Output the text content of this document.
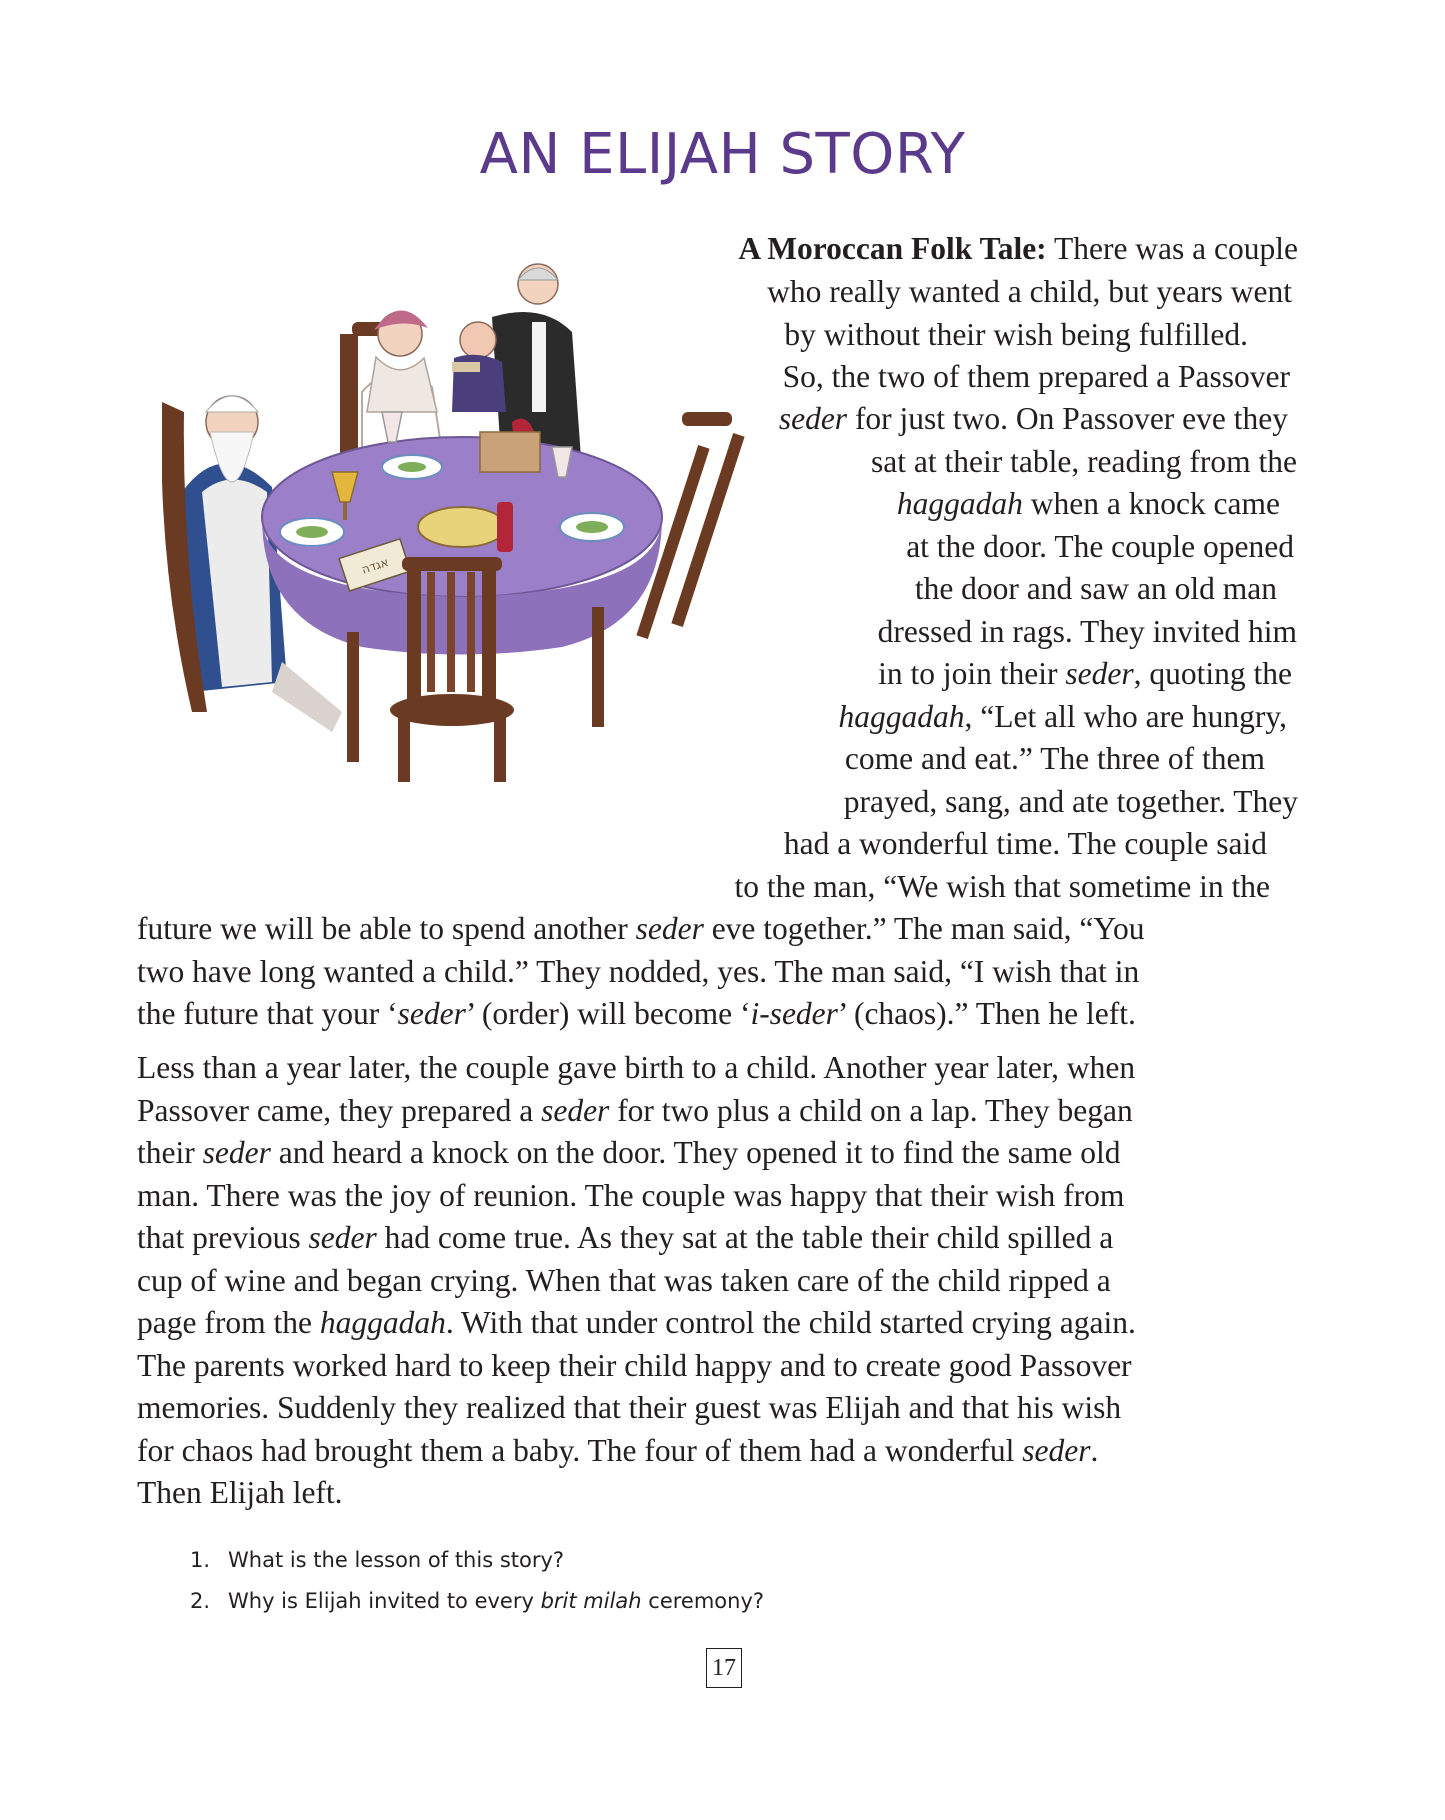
AN ELIJAH STORY
אגדה
A Moroccan Folk Tale: There was a couple
who really wanted a child, but years went
by without their wish being fulfilled.
So, the two of them prepared a Passover
seder for just two. On Passover eve they
sat at their table, reading from the
haggadah when a knock came
at the door. The couple opened
the door and saw an old man
dressed in rags. They invited him
in to join their seder, quoting the
haggadah, “Let all who are hungry,
come and eat.” The three of them
prayed, sang, and ate together. They
had a wonderful time. The couple said
to the man, “We wish that sometime in the
future we will be able to spend another seder eve together.” The man said, “You
two have long wanted a child.” They nodded, yes. The man said, “I wish that in
the future that your ‘seder’ (order) will become ‘i-seder’ (chaos).” Then he left.

Less than a year later, the couple gave birth to a child. Another year later, when
Passover came, they prepared a seder for two plus a child on a lap. They began
their seder and heard a knock on the door. They opened it to find the same old
man. There was the joy of reunion. The couple was happy that their wish from
that previous seder had come true. As they sat at the table their child spilled a
cup of wine and began crying. When that was taken care of the child ripped a
page from the haggadah. With that under control the child started crying again.
The parents worked hard to keep their child happy and to create good Passover
memories. Suddenly they realized that their guest was Elijah and that his wish
for chaos had brought them a baby. The four of them had a wonderful seder.
Then Elijah left.

1. What is the lesson of this story?
2. Why is Elijah invited to every brit milah ceremony?
17
